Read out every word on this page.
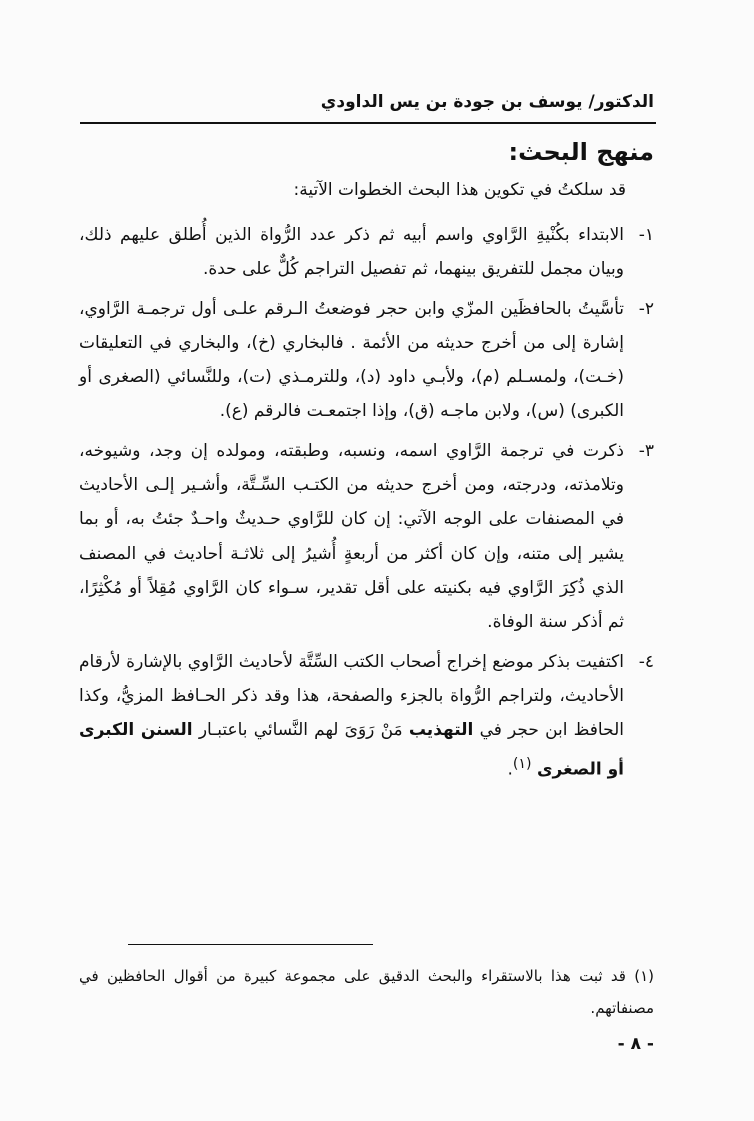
الدكتور/ يوسف بن جودة بن يس الداودي
منهج البحث:
قد سلكتُ في تكوين هذا البحث الخطوات الآتية:
١-
الابتداء بكُنْيةِ الرَّاوي واسم أبيه ثم ذكر عدد الرُّواة الذين أُطلق عليهم ذلك، وبيان مجمل للتفريق بينهما، ثم تفصيل التراجم كُلٌّ على حدة.
٢-
تأسَّيتُ بالحافظَين المزّي وابن حجر فوضعتُ الـرقم علـى أول ترجمـة الرَّاوي، إشارة إلى من أخرج حديثه من الأئمة . فالبخاري (خ)، والبخاري في التعليقات (خـت)، ولمسـلم (م)، ولأبـي داود (د)، وللترمـذي (ت)، وللنَّسائي (الصغرى أو الكبرى) (س)، ولابن ماجـه (ق)، وإذا اجتمعـت فالرقم (ع).
٣-
ذكرت في ترجمة الرَّاوي اسمه، ونسبه، وطبقته، ومولده إن وجد، وشيوخه، وتلامذته، ودرجته، ومن أخرج حديثه من الكتـب السِّـتَّة، وأشـير إلـى الأحاديث في المصنفات على الوجه الآتي: إن كان للرَّاوي حـديثٌ واحـدٌ جئتُ به، أو بما يشير إلى متنه، وإن كان أكثر من أربعةٍ أُشيرُ إلى ثلاثـة أحاديث في المصنف الذي ذُكِرَ الرَّاوي فيه بكنيته على أقل تقدير، سـواء كان الرَّاوي مُقِلاً أو مُكْثِرًا، ثم أذكر سنة الوفاة.
٤-
اكتفيت بذكر موضع إخراج أصحاب الكتب السِّتَّة لأحاديث الرَّاوي بالإشارة لأرقام الأحاديث، ولتراجم الرُّواة بالجزء والصفحة، هذا وقد ذكر الحـافظ المزيُّ، وكذا الحافظ ابن حجر في التهذيب مَنْ رَوَىَ لهم النَّسائي باعتبـار السنن الكبرى أو الصغرى $^{(١)}$.
(١) قد ثبت هذا بالاستقراء والبحث الدقيق على مجموعة كبيرة من أقوال الحافظين في مصنفاتهم.
- ٨ -
